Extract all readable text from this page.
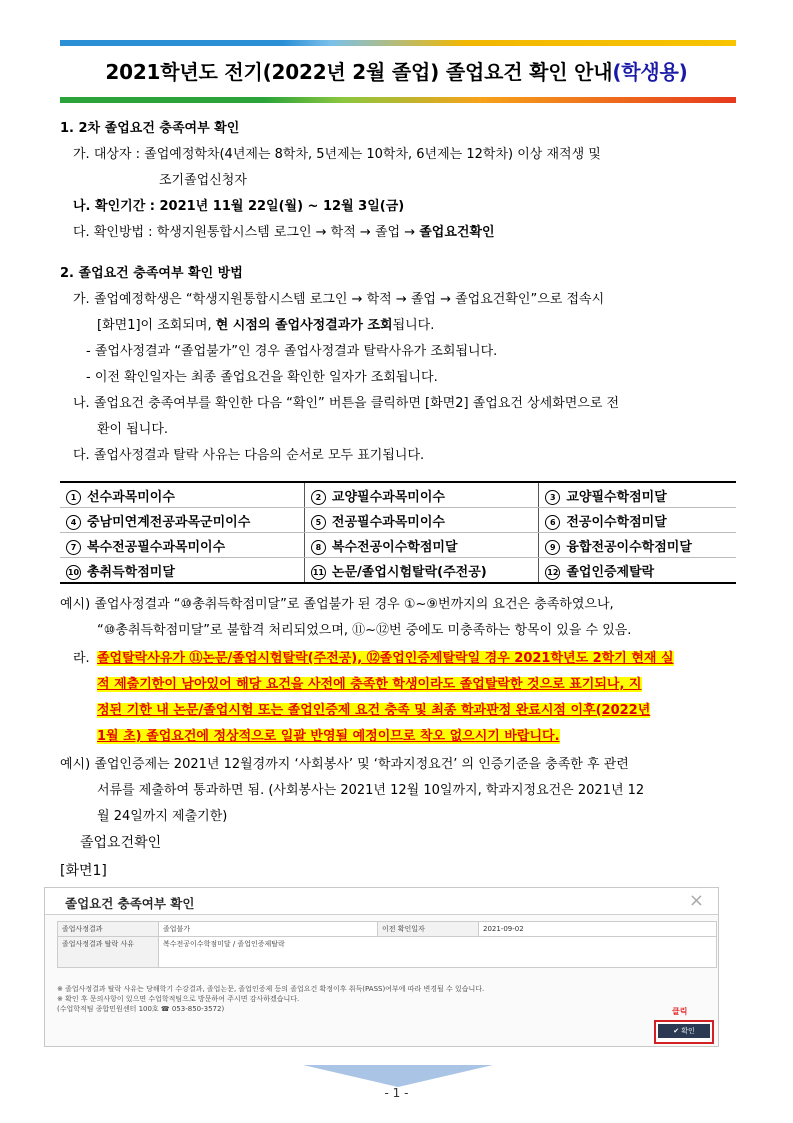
2021학년도 전기(2022년 2월 졸업) 졸업요건 확인 안내(학생용)
1. 2차 졸업요건 충족여부 확인
가. 대상자 : 졸업예정학차(4년제는 8학차, 5년제는 10학차, 6년제는 12학차) 이상 재적생 및
조기졸업신청자
나. 확인기간 : 2021년 11월 22일(월) ~ 12월 3일(금)
다. 확인방법 : 학생지원통합시스템 로그인 → 학적 → 졸업 → 졸업요건확인
2. 졸업요건 충족여부 확인 방법
가. 졸업예정학생은 “학생지원통합시스템 로그인 → 학적 → 졸업 → 졸업요건확인”으로 접속시
[화면1]이 조회되며, 현 시점의 졸업사정결과가 조회됩니다.
- 졸업사정결과 “졸업불가”인 경우 졸업사정결과 탈락사유가 조회됩니다.
- 이전 확인일자는 최종 졸업요건을 확인한 일자가 조회됩니다.
나. 졸업요건 충족여부를 확인한 다음 “확인” 버튼을 클릭하면 [화면2] 졸업요건 상세화면으로 전
환이 됩니다.
다. 졸업사정결과 탈락 사유는 다음의 순서로 모두 표기됩니다.
1 선수과목미이수	2 교양필수과목미이수	3 교양필수학점미달
4 중남미연계전공과목군미이수	5 전공필수과목미이수	6 전공이수학점미달
7 복수전공필수과목미이수	8 복수전공이수학점미달	9 융합전공이수학점미달
10 총취득학점미달	11 논문/졸업시험탈락(주전공)	12 졸업인증제탈락
예시) 졸업사정결과 “⑩총취득학점미달”로 졸업불가 된 경우 ①~⑨번까지의 요건은 충족하였으나,
“⑩총취득학점미달”로 불합격 처리되었으며, ⑪~⑫번 중에도 미충족하는 항목이 있을 수 있음.
라. 졸업탈락사유가 ⑪논문/졸업시험탈락(주전공), ⑫졸업인증제탈락일 경우 2021학년도 2학기 현재 실
적 제출기한이 남아있어 해당 요건을 사전에 충족한 학생이라도 졸업탈락한 것으로 표기되나, 지
정된 기한 내 논문/졸업시험 또는 졸업인증제 요건 충족 및 최종 학과판정 완료시점 이후(2022년
1월 초) 졸업요건에 정상적으로 일괄 반영될 예정이므로 착오 없으시기 바랍니다.
예시) 졸업인증제는 2021년 12월경까지 ‘사회봉사’ 및 ‘학과지정요건’ 의 인증기준을 충족한 후 관련
서류를 제출하여 통과하면 됨. (사회봉사는 2021년 12월 10일까지, 학과지정요건은 2021년 12
월 24일까지 제출기한)
졸업요건확인
[화면1]
졸업요건 충족여부 확인	×
졸업사정결과	졸업불가	이전 확인일자	2021-09-02
졸업사정결과 탈락 사유	복수전공이수학점미달 / 졸업인증제탈락		
※ 졸업사정결과 탈락 사유는 당해학기 수강결과, 졸업논문, 졸업인증제 등의 졸업요건 확정이후 취득(PASS)여부에 따라 변경될 수 있습니다.
※ 확인 후 문의사항이 있으면 수업학적팀으로 방문하여 주시면 감사하겠습니다.
(수업학적팀 종합민원센터 100호 ☎ 053-850-3572)	클릭
✔ 확인
- 1 -
